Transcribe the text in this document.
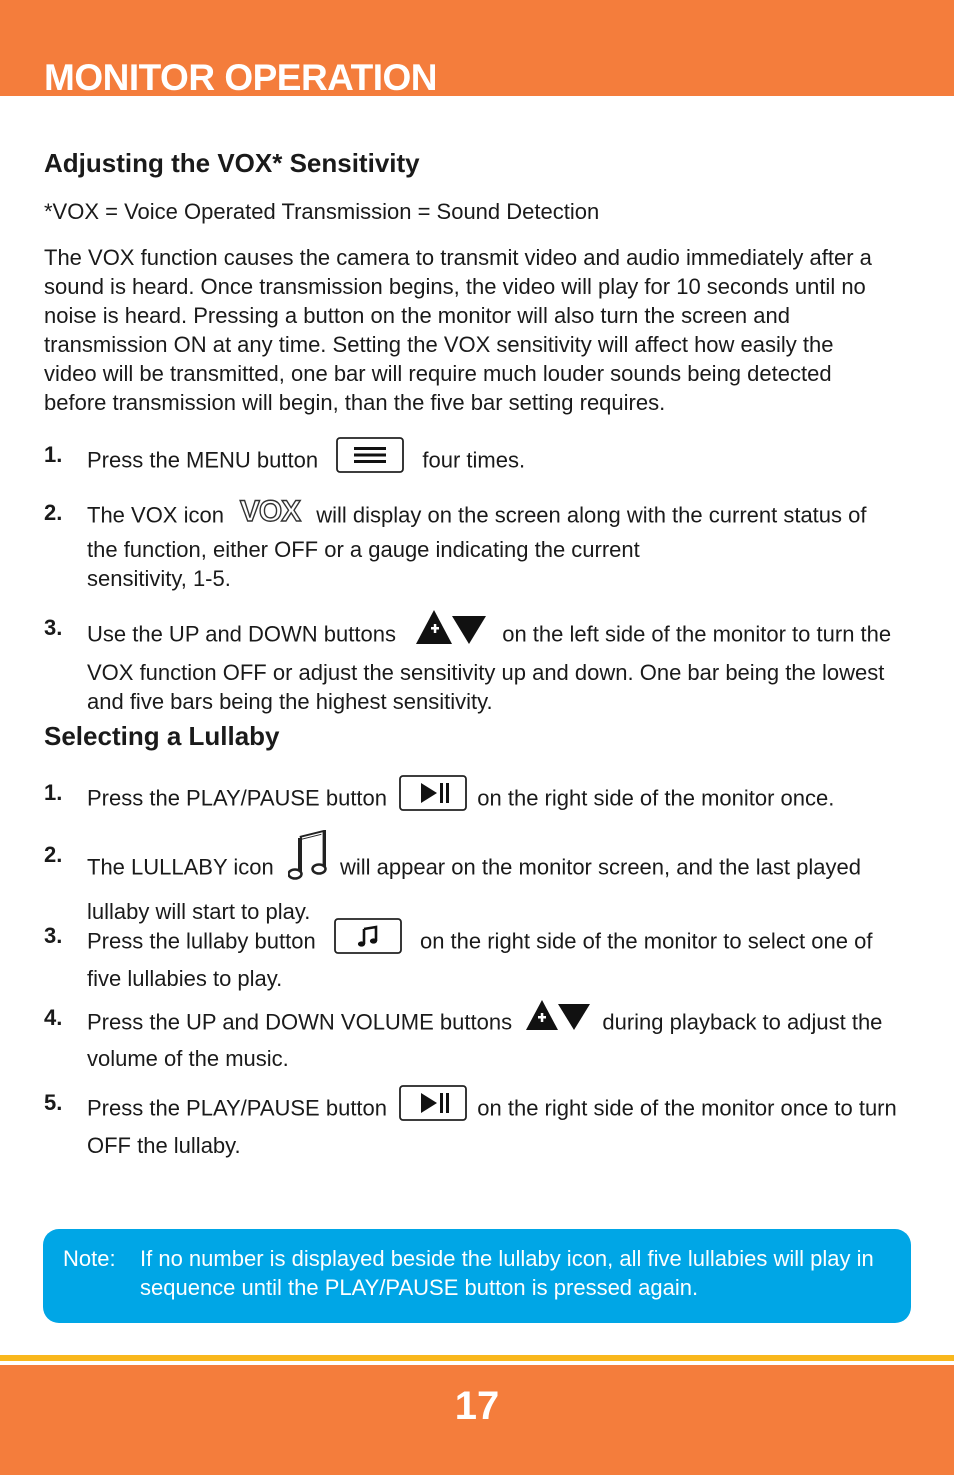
MONITOR OPERATION
Adjusting the VOX* Sensitivity

*VOX = Voice Operated Transmission = Sound Detection

The VOX function causes the camera to transmit video and audio immediately after a sound is heard. Once transmission begins, the video will play for 10 seconds until no noise is heard. Pressing a button on the monitor will also turn the screen and transmission ON at any time. Setting the VOX sensitivity will affect how easily the video will be transmitted, one bar will require much louder sounds being detected before transmission will begin, than the five bar setting requires.

1. Press the MENU button	four times.
2. The VOX icon VOX will display on the screen along with the current status of the function, either OFF or a gauge indicating the current
sensitivity, 1-5.
3. Use the UP and DOWN buttons	on the left side of the monitor to turn the VOX function OFF or adjust the sensitivity up and down. One bar being the lowest and five bars being the highest sensitivity.
Selecting a Lullaby
1. Press the PLAY/PAUSE button	on the right side of the monitor once.
2. The LULLABY icon	will appear on the monitor screen, and the last played lullaby will start to play.
3. Press the lullaby button	on the right side of the monitor to select one of five lullabies to play.
4. Press the UP and DOWN VOLUME buttons	during playback to adjust the volume of the music.
5. Press the PLAY/PAUSE button	on the right side of the monitor once to turn OFF the lullaby.
Note: If no number is displayed beside the lullaby icon, all five lullabies will play in sequence until the PLAY/PAUSE button is pressed again.
17
